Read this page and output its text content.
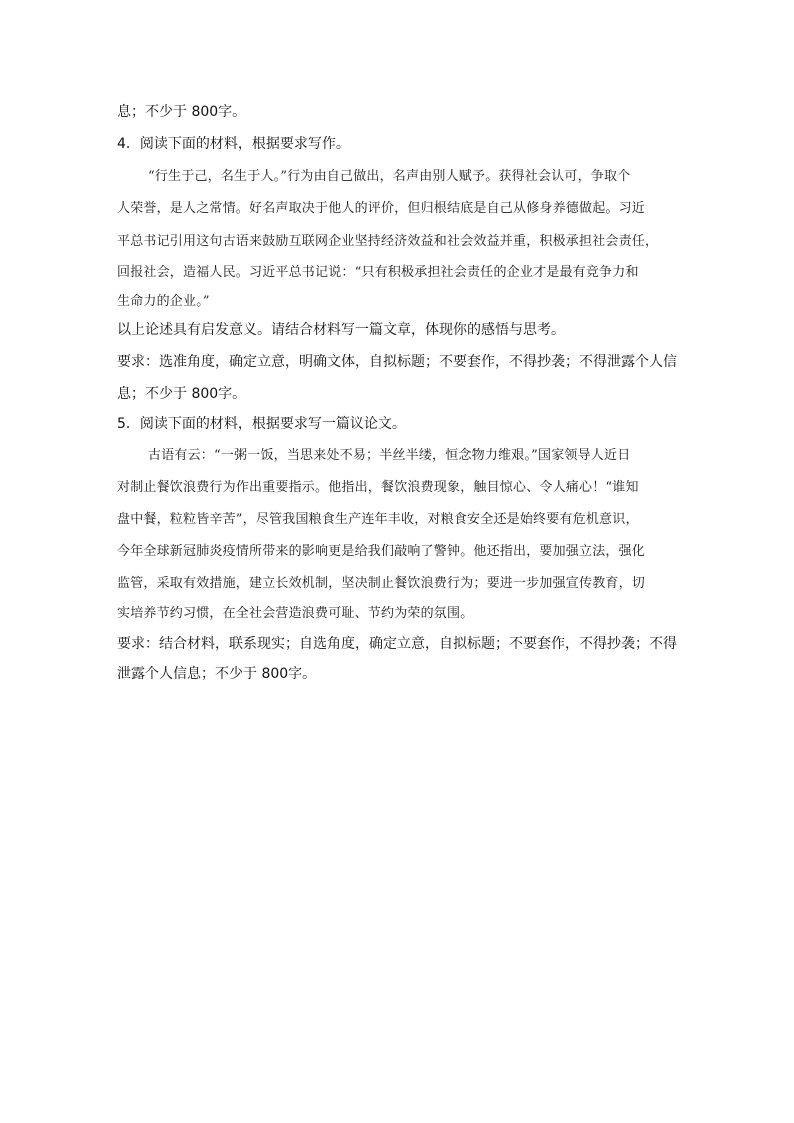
息；不少于 800字。
4．阅读下面的材料，根据要求写作。
“行生于己，名生于人。”行为由自己做出，名声由别人赋予。获得社会认可，争取个
人荣誉，是人之常情。好名声取决于他人的评价，但归根结底是自己从修身养德做起。习近
平总书记引用这句古语来鼓励互联网企业坚持经济效益和社会效益并重，积极承担社会责任，
回报社会，造福人民。习近平总书记说：“只有积极承担社会责任的企业才是最有竞争力和
生命力的企业。”
以上论述具有启发意义。请结合材料写一篇文章，体现你的感悟与思考。
要求：选准角度，确定立意，明确文体，自拟标题；不要套作，不得抄袭；不得泄露个人信
息；不少于 800字。
5．阅读下面的材料，根据要求写一篇议论文。
古语有云：“一粥一饭，当思来处不易；半丝半缕，恒念物力维艰。”国家领导人近日
对制止餐饮浪费行为作出重要指示。他指出，餐饮浪费现象，触目惊心、令人痛心！“谁知
盘中餐，粒粒皆辛苦”，尽管我国粮食生产连年丰收，对粮食安全还是始终要有危机意识，
今年全球新冠肺炎疫情所带来的影响更是给我们敲响了警钟。他还指出，要加强立法，强化
监管，采取有效措施，建立长效机制，坚决制止餐饮浪费行为；要进一步加强宣传教育，切
实培养节约习惯，在全社会营造浪费可耻、节约为荣的氛围。
要求：结合材料，联系现实；自选角度，确定立意，自拟标题；不要套作，不得抄袭；不得
泄露个人信息；不少于 800字。
